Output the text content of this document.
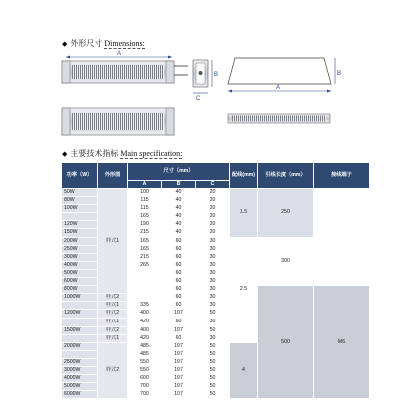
◆ 外形尺寸 Dimensions:
A
B
C
A
B
◆ 主要技术指标 Main specification:
功率（W）	外形图	尺寸（mm）			配线(mm)	引线长度（mm）	接线端子
		A	B	C			
50W	样式1	100	40	20	1.5	250	
80W		115	40	20			
100W		115	40	20			
		165	40	20			
120W		190	40	20			
150W		215	40	20			
200W		165	60	30	2.5	300	
250W		165	60	30			
300W		215	60	30			
400W		265	60	30			
500W			60	30			
600W			60	30			
800W			60	30		500	M6
1000W	样式2		60	30			
	样式1	335	60	30			
1200W	样式2	400	107	50			
	样式1	420	60	30			
1500W	样式2	400	107	50			
	样式1	420	60	30			
2000W	样式2	485	107	50	4		
		485	107	50			
2500W		550	107	50			
3000W		550	107	50			
4000W		600	107	50			
5000W		700	107	50			
6000W		700	107	50			
